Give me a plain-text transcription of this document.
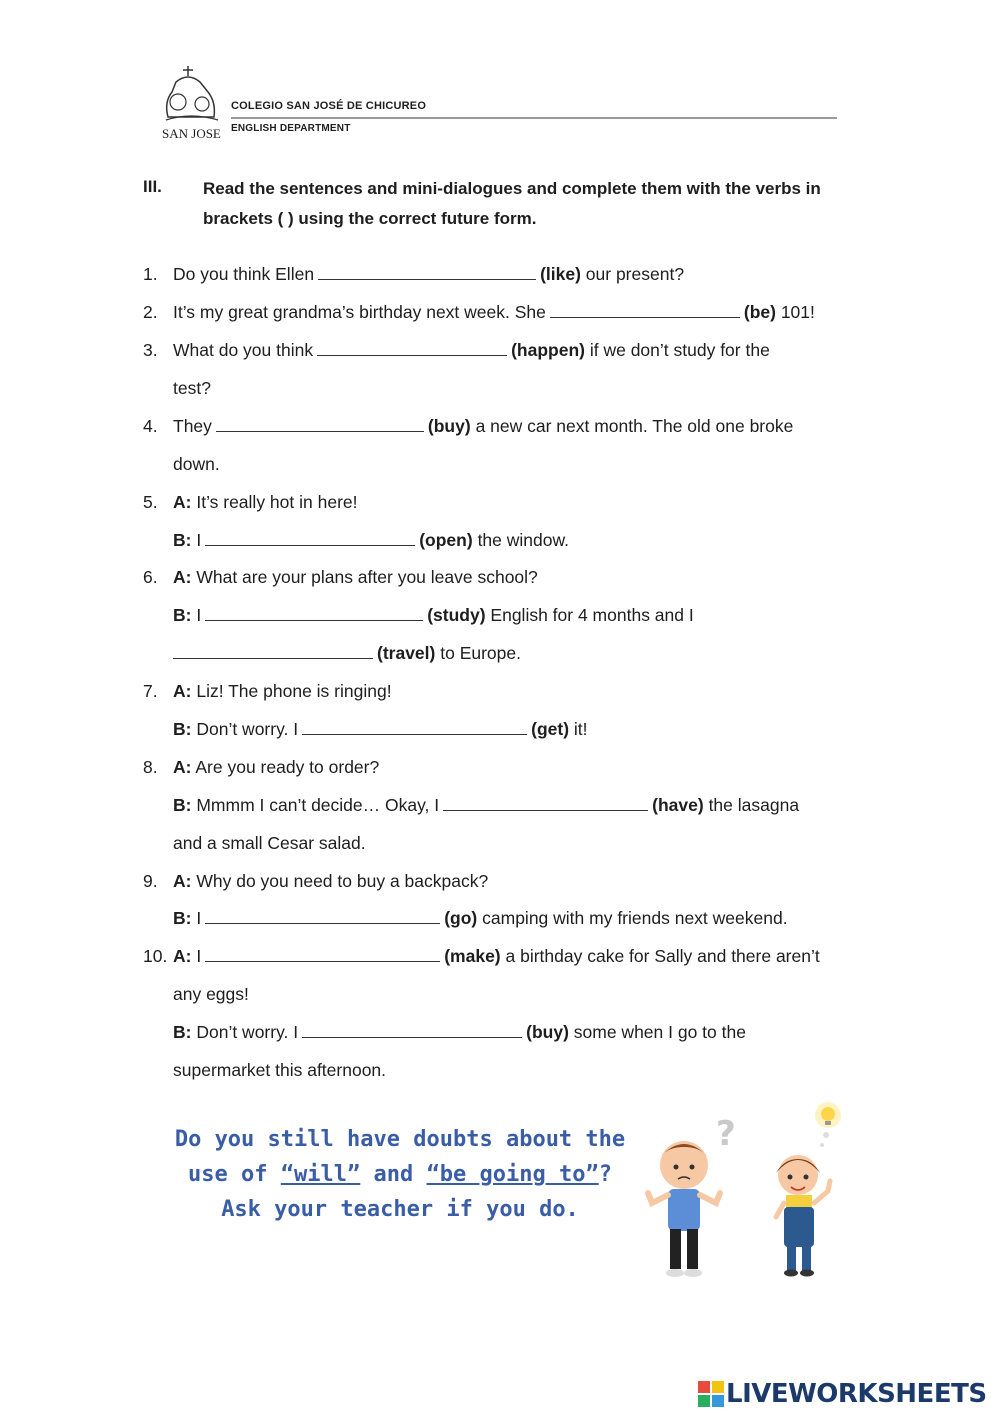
SAN JOSE
COLEGIO SAN JOSÉ DE CHICUREO
ENGLISH DEPARTMENT
III. Read the sentences and mini-dialogues and complete them with the verbs in brackets ( ) using the correct future form.
1. Do you think Ellen	(like) our present?
2. It’s my great grandma’s birthday next week. She	(be) 101!
3. What do you think	(happen) if we don’t study for the
test?
4. They	(buy) a new car next month. The old one broke
down.
5. A: It’s really hot in here!
B: I	(open) the window.
6. A: What are your plans after you leave school?
B: I	(study) English for 4 months and I
(travel) to Europe.
7. A: Liz! The phone is ringing!
B: Don’t worry. I	(get) it!
8. A: Are you ready to order?
B: Mmmm I can’t decide… Okay, I	(have) the lasagna
and a small Cesar salad.
9. A: Why do you need to buy a backpack?
B: I	(go) camping with my friends next weekend.
10. A: I	(make) a birthday cake for Sally and there aren’t
any eggs!
B: Don’t worry. I	(buy) some when I go to the
supermarket this afternoon.
Do you still have doubts about the use of “will” and “be going to”? Ask your teacher if you do.
?
LIVEWORKSHEETS
